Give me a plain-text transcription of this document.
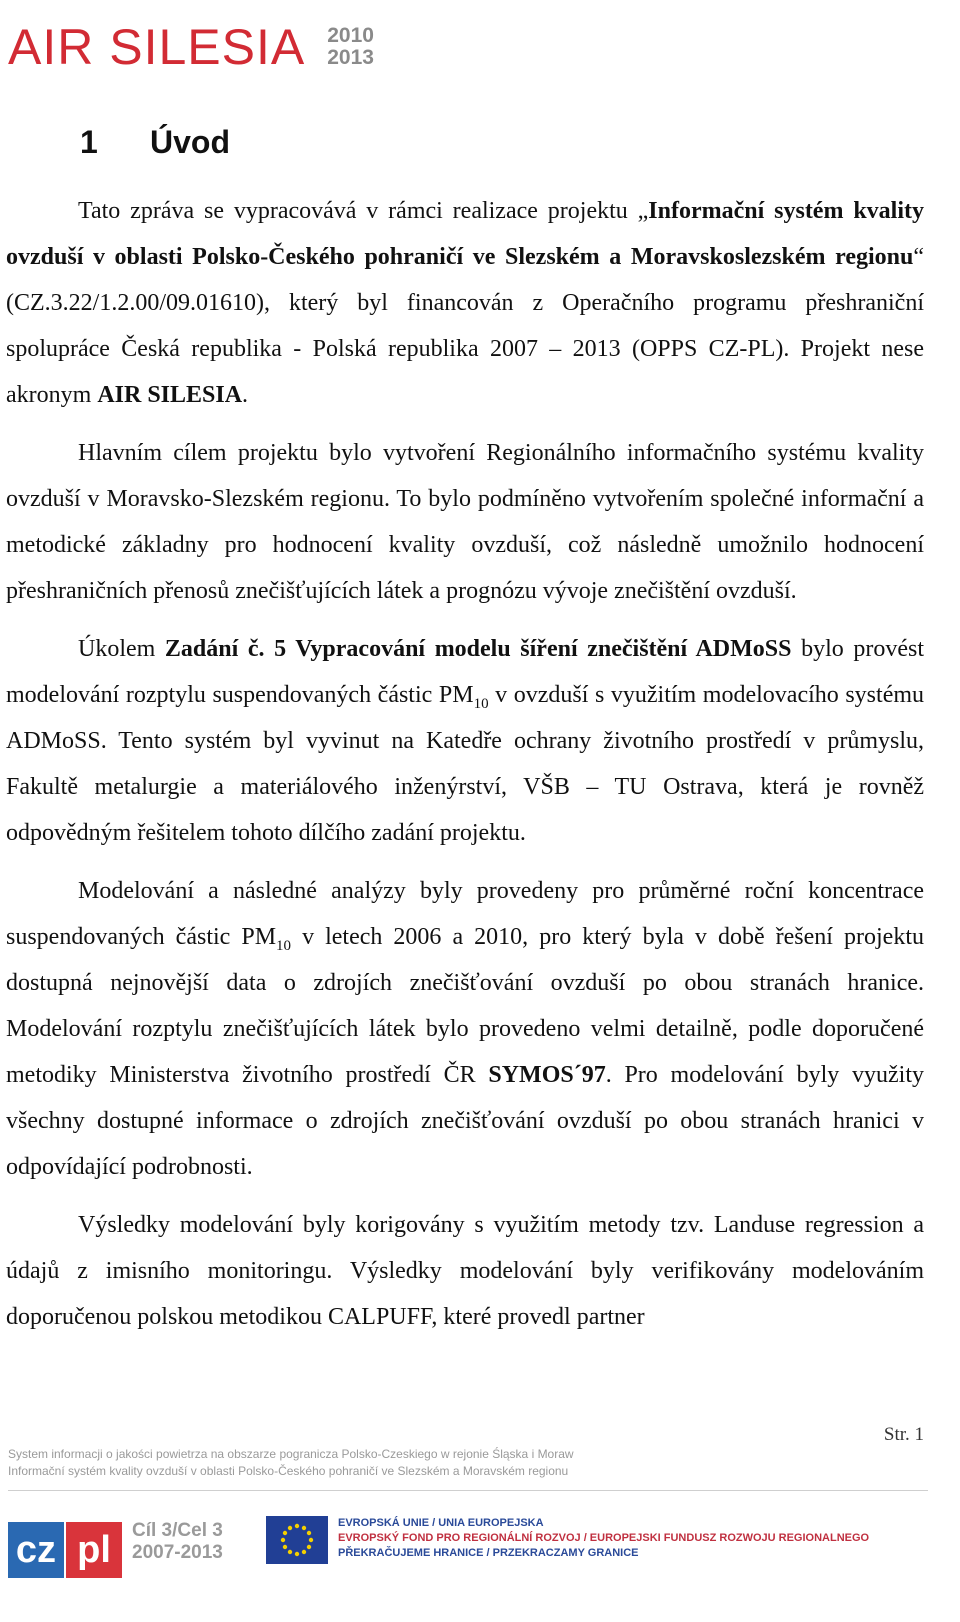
AIR SILESIA 2010
2013
1 Úvod

Tato zpráva se vypracovává v rámci realizace projektu „Informační systém kvality ovzduší v oblasti Polsko-Českého pohraničí ve Slezském a Moravskoslezském regionu“ (CZ.3.22/1.2.00/09.01610), který byl financován z Operačního programu přeshraniční spolupráce Česká republika - Polská republika 2007 – 2013 (OPPS CZ-PL). Projekt nese akronym AIR SILESIA.

Hlavním cílem projektu bylo vytvoření Regionálního informačního systému kvality ovzduší v Moravsko-Slezském regionu. To bylo podmíněno vytvořením společné informační a metodické základny pro hodnocení kvality ovzduší, což následně umožnilo hodnocení přeshraničních přenosů znečišťujících látek a prognózu vývoje znečištění ovzduší.

Úkolem Zadání č. 5 Vypracování modelu šíření znečištění ADMoSS bylo provést modelování rozptylu suspendovaných částic $PM_{10}$ v ovzduší s využitím modelovacího systému ADMoSS. Tento systém byl vyvinut na Katedře ochrany životního prostředí v průmyslu, Fakultě metalurgie a materiálového inženýrství, VŠB – TU Ostrava, která je rovněž odpovědným řešitelem tohoto dílčího zadání projektu.

Modelování a následné analýzy byly provedeny pro průměrné roční koncentrace suspendovaných částic $PM_{10}$ v letech 2006 a 2010, pro který byla v době řešení projektu dostupná nejnovější data o zdrojích znečišťování ovzduší po obou stranách hranice. Modelování rozptylu znečišťujících látek bylo provedeno velmi detailně, podle doporučené metodiky Ministerstva životního prostředí ČR SYMOS´97. Pro modelování byly využity všechny dostupné informace o zdrojích znečišťování ovzduší po obou stranách hranici v odpovídající podrobnosti.

Výsledky modelování byly korigovány s využitím metody tzv. Landuse regression a údajů z imisního monitoringu. Výsledky modelování byly verifikovány modelováním doporučenou polskou metodikou CALPUFF, které provedl partner

Str. 1
System informacji o jakości powietrza na obszarze pogranicza Polsko-Czeskiego w rejonie Śląska i Moraw
Informační systém kvality ovzduší v oblasti Polsko-Českého pohraničí ve Slezském a Moravském regionu
cz pl	Cíl 3/Cel 3
2007-2013
EVROPSKÁ UNIE / UNIA EUROPEJSKA
EVROPSKÝ FOND PRO REGIONÁLNÍ ROZVOJ / EUROPEJSKI FUNDUSZ ROZWOJU REGIONALNEGO
PŘEKRAČUJEME HRANICE / PRZEKRACZAMY GRANICE
